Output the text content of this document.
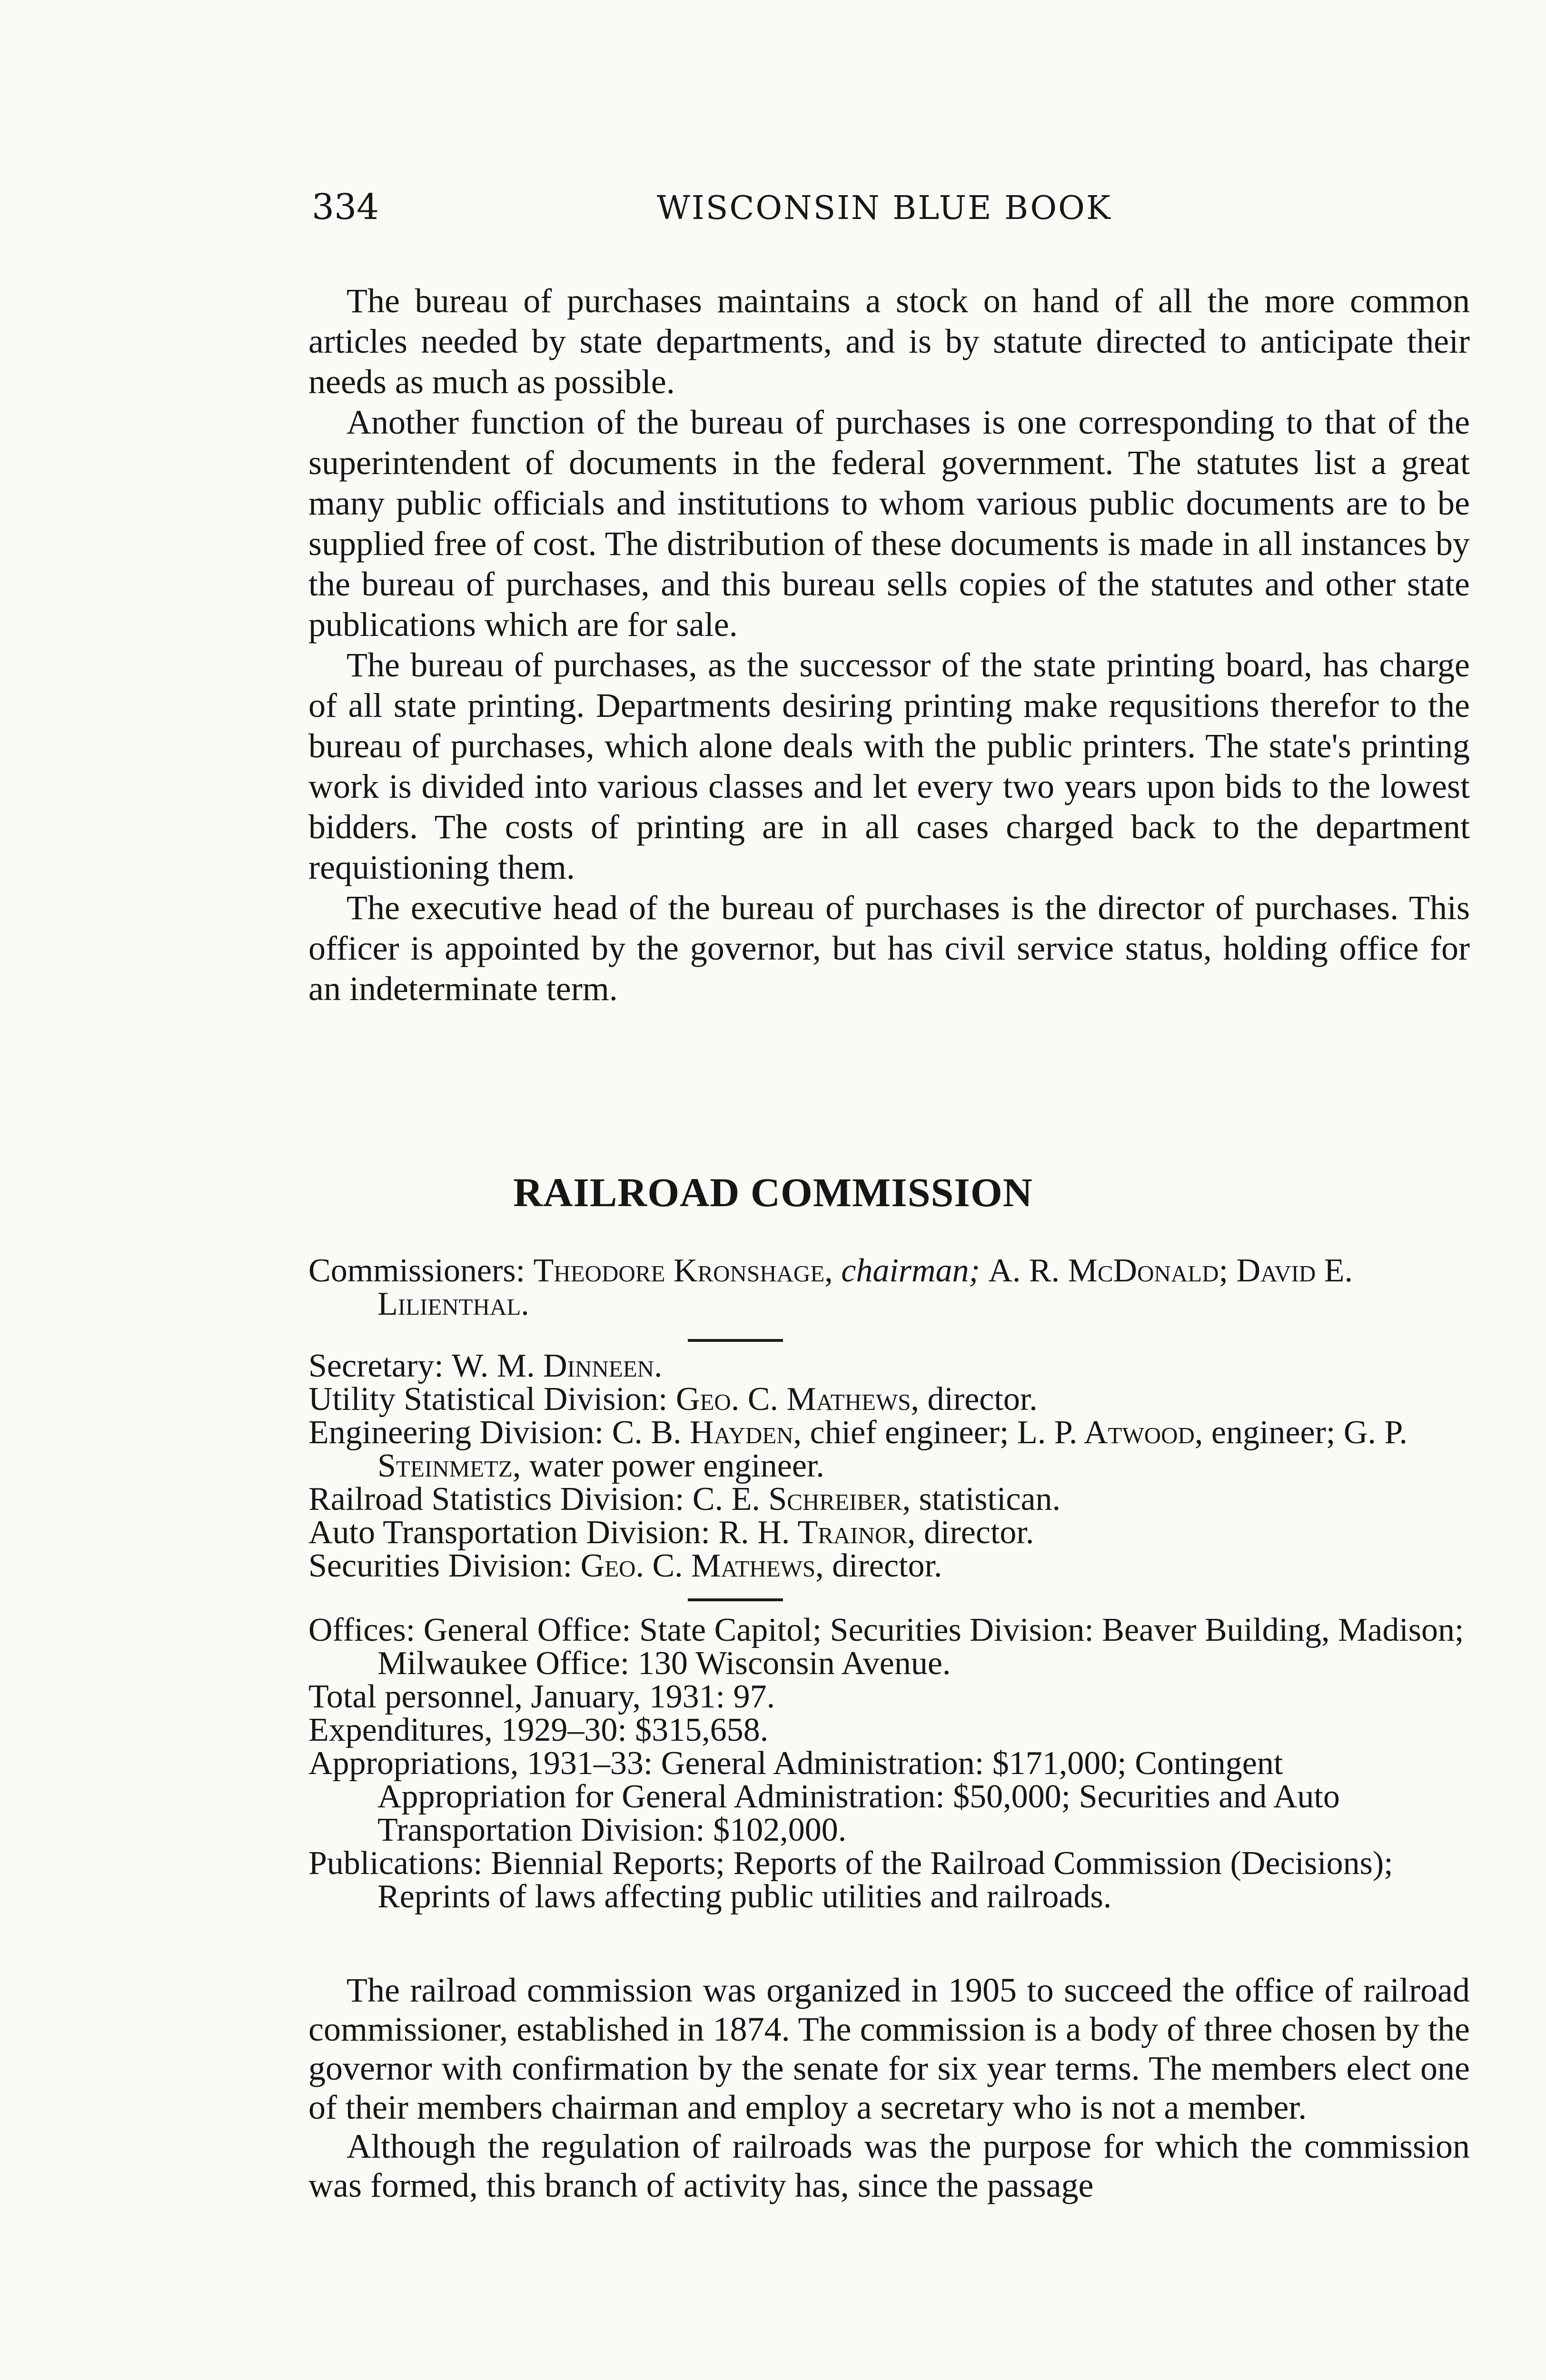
334	WISCONSIN BLUE BOOK

The bureau of purchases maintains a stock on hand of all the more common articles needed by state departments, and is by statute directed to anticipate their needs as much as possible.

Another function of the bureau of purchases is one corresponding to that of the superintendent of documents in the federal government. The statutes list a great many public officials and institutions to whom various public documents are to be supplied free of cost. The distribution of these documents is made in all instances by the bureau of purchases, and this bureau sells copies of the statutes and other state publications which are for sale.

The bureau of purchases, as the successor of the state printing board, has charge of all state printing. Departments desiring printing make requsitions therefor to the bureau of purchases, which alone deals with the public printers. The state's printing work is divided into various classes and let every two years upon bids to the lowest bidders. The costs of printing are in all cases charged back to the department requistioning them.

The executive head of the bureau of purchases is the director of purchases. This officer is appointed by the governor, but has civil service status, holding office for an indeterminate term.

RAILROAD COMMISSION
Commissioners: Theodore Kronshage, chairman; A. R. McDonald; David E. Lilienthal.
Secretary: W. M. Dinneen.
Utility Statistical Division: Geo. C. Mathews, director.
Engineering Division: C. B. Hayden, chief engineer; L. P. Atwood, engineer; G. P. Steinmetz, water power engineer.
Railroad Statistics Division: C. E. Schreiber, statistican.
Auto Transportation Division: R. H. Trainor, director.
Securities Division: Geo. C. Mathews, director.
Offices: General Office: State Capitol; Securities Division: Beaver Building, Madison; Milwaukee Office: 130 Wisconsin Avenue.
Total personnel, January, 1931: 97.
Expenditures, 1929–30: $315,658.
Appropriations, 1931–33: General Administration: $171,000; Contingent Appropriation for General Administration: $50,000; Securities and Auto Transportation Division: $102,000.
Publications: Biennial Reports; Reports of the Railroad Commission (Decisions); Reprints of laws affecting public utilities and railroads.

The railroad commission was organized in 1905 to succeed the office of railroad commissioner, established in 1874. The commission is a body of three chosen by the governor with confirmation by the senate for six year terms. The members elect one of their members chairman and employ a secretary who is not a member.

Although the regulation of railroads was the purpose for which the commission was formed, this branch of activity has, since the passage
